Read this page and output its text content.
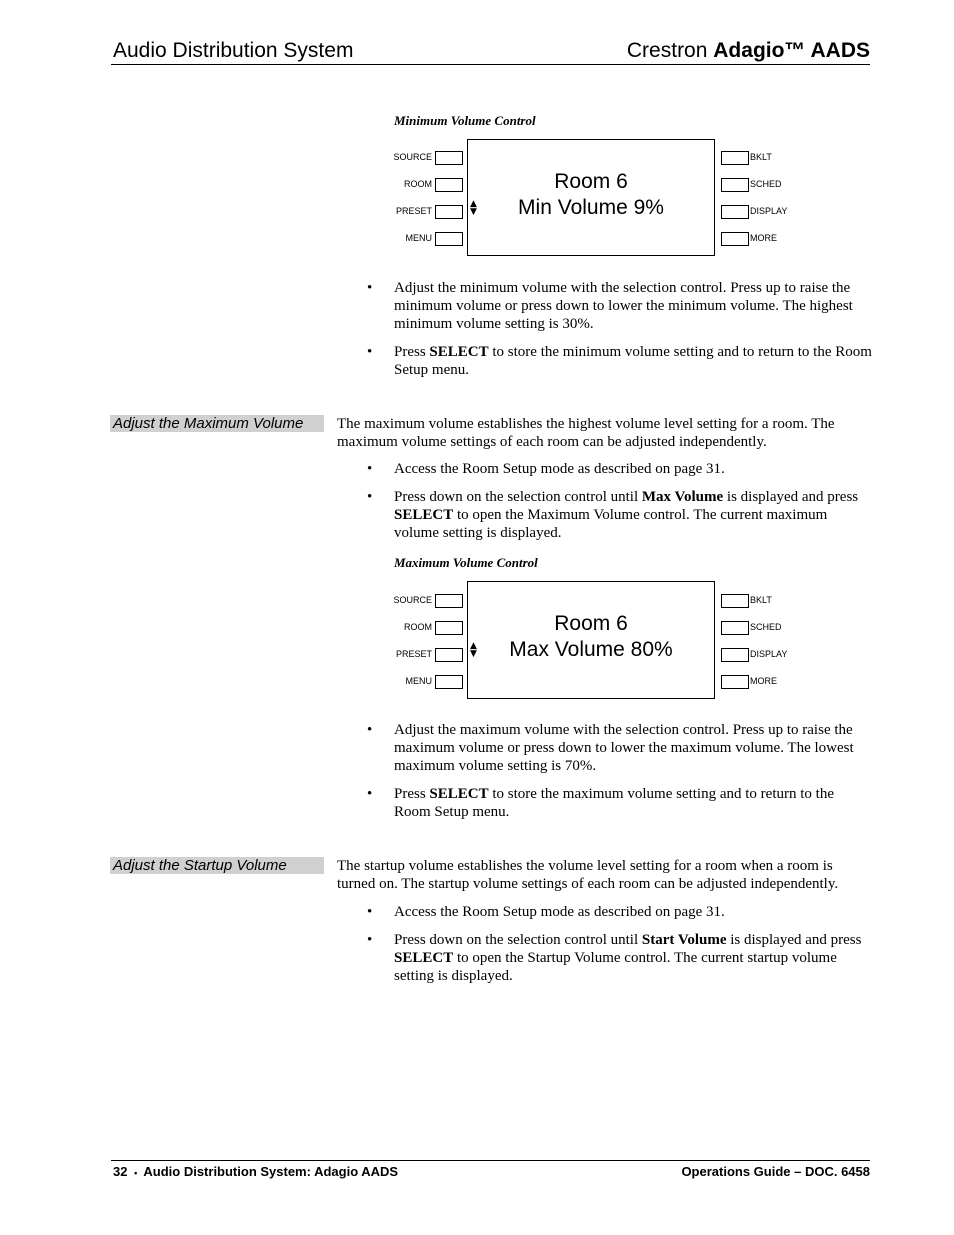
Audio Distribution System	Crestron Adagio™ AADS
Minimum Volume Control
SOURCE
ROOM
PRESET
MENU
▲
▼
Room 6
Min Volume 9%
BKLT
SCHED
DISPLAY
MORE
• Adjust the minimum volume with the selection control. Press up to raise the minimum volume or press down to lower the minimum volume. The highest minimum volume setting is 30%.
• Press SELECT to store the minimum volume setting and to return to the Room Setup menu.
Adjust the Maximum Volume	The maximum volume establishes the highest volume level setting for a room. The maximum volume settings of each room can be adjusted independently.
• Access the Room Setup mode as described on page 31.
• Press down on the selection control until Max Volume is displayed and press SELECT to open the Maximum Volume control. The current maximum volume setting is displayed.
Maximum Volume Control
SOURCE
ROOM
PRESET
MENU
▲
▼
Room 6
Max Volume 80%
BKLT
SCHED
DISPLAY
MORE
• Adjust the maximum volume with the selection control. Press up to raise the maximum volume or press down to lower the maximum volume. The lowest maximum volume setting is 70%.
• Press SELECT to store the maximum volume setting and to return to the Room Setup menu.
Adjust the Startup Volume	The startup volume establishes the volume level setting for a room when a room is turned on. The startup volume settings of each room can be adjusted independently.
• Access the Room Setup mode as described on page 31.
• Press down on the selection control until Start Volume is displayed and press SELECT to open the Startup Volume control. The current startup volume setting is displayed.
32 • Audio Distribution System: Adagio AADS	Operations Guide – DOC. 6458
